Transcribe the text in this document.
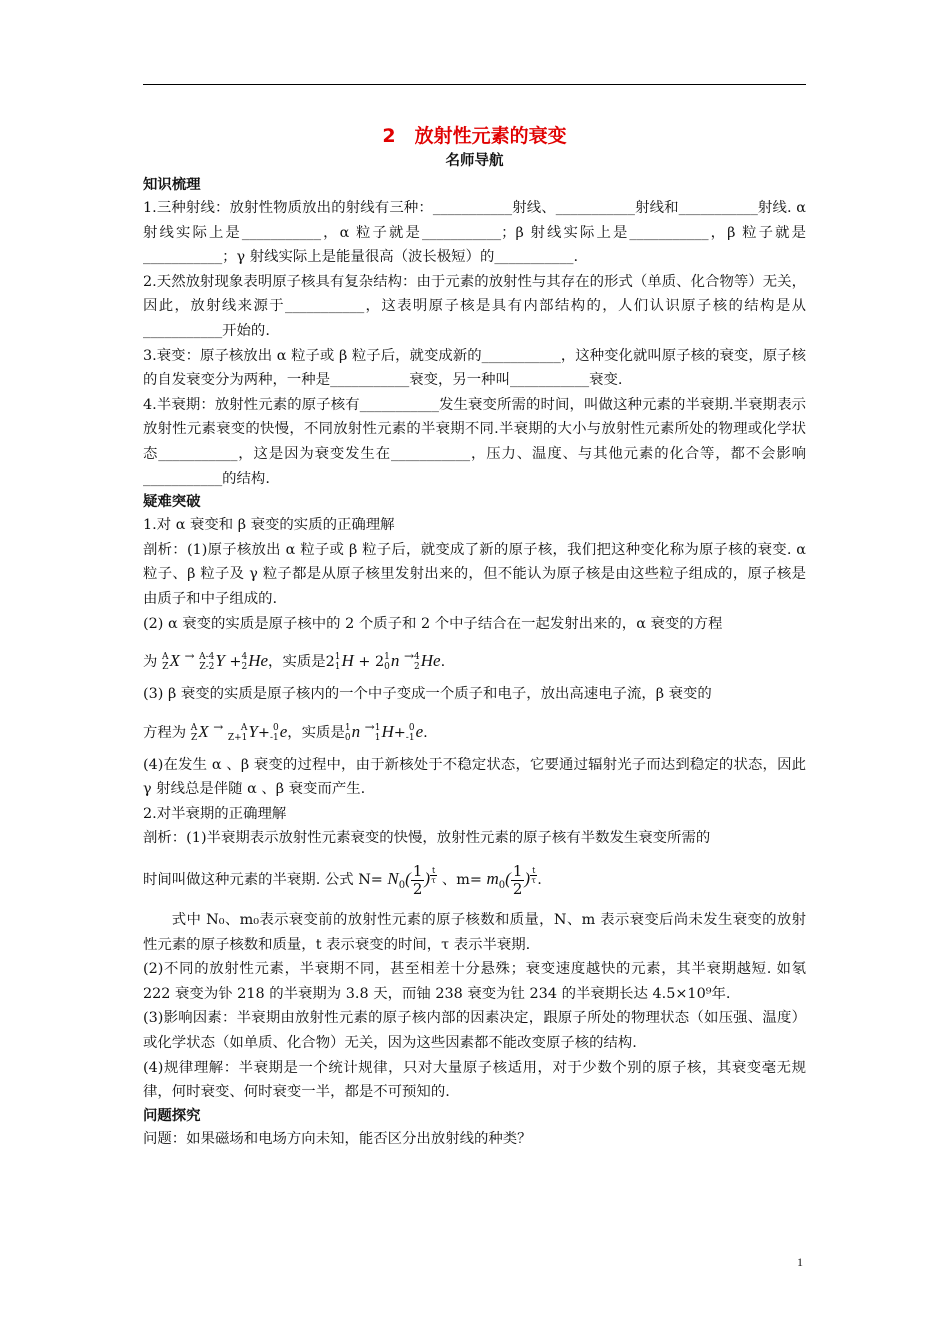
2　放射性元素的衰变

名师导航

知识梳理

1.三种射线：放射性物质放出的射线有三种：___________射线、___________射线和___________射线. α 射线实际上是___________，α 粒子就是___________；β 射线实际上是___________，β 粒子就是___________；γ 射线实际上是能量很高（波长极短）的___________.

2.天然放射现象表明原子核具有复杂结构：由于元素的放射性与其存在的形式（单质、化合物等）无关，因此，放射线来源于___________，这表明原子核是具有内部结构的，人们认识原子核的结构是从___________开始的.

3.衰变：原子核放出 α 粒子或 β 粒子后，就变成新的___________，这种变化就叫原子核的衰变，原子核的自发衰变分为两种，一种是___________衰变，另一种叫___________衰变.

4.半衰期：放射性元素的原子核有___________发生衰变所需的时间，叫做这种元素的半衰期.半衰期表示放射性元素衰变的快慢，不同放射性元素的半衰期不同.半衰期的大小与放射性元素所处的物理或化学状态___________，这是因为衰变发生在___________，压力、温度、与其他元素的化合等，都不会影响___________的结构.

疑难突破

1.对 α 衰变和 β 衰变的实质的正确理解

剖析：(1)原子核放出 α 粒子或 β 粒子后，就变成了新的原子核，我们把这种变化称为原子核的衰变. α 粒子、β 粒子及 γ 粒子都是从原子核里发射出来的，但不能认为原子核是由这些粒子组成的，原子核是由质子和中子组成的.

(2) α 衰变的实质是原子核中的 2 个质子和 2 个中子结合在一起发射出来的，α 衰变的方程

为 A
Z X → A-4
Z-2 Y + 4
2 He，实质是2 1
1 H + 2 1
0 n → 4
2 He.

(3) β 衰变的实质是原子核内的一个中子变成一个质子和电子，放出高速电子流，β 衰变的

方程为 A
Z X →	A
Z+1 Y+ 0
-1 e，实质是 1
0 n → 1
1 H+ 0
-1 e.

(4)在发生 α 、β 衰变的过程中，由于新核处于不稳定状态，它要通过辐射光子而达到稳定的状态，因此 γ 射线总是伴随 α 、β 衰变而产生.

2.对半衰期的正确理解

剖析：(1)半衰期表示放射性元素衰变的快慢，放射性元素的原子核有半数发生衰变所需的

时间叫做这种元素的半衰期. 公式 $N= N_0( \frac{1}{2}$ ) $^{\frac{t}{\tau}}$ 、$m= m_0( \frac{1}{2}$ ) $^{\frac{t}{\tau}}$ .

式中 N₀、m₀表示衰变前的放射性元素的原子核数和质量，N、m 表示衰变后尚未发生衰变的放射性元素的原子核数和质量，t 表示衰变的时间，τ 表示半衰期.

(2)不同的放射性元素，半衰期不同，甚至相差十分悬殊；衰变速度越快的元素，其半衰期越短. 如氡 222 衰变为钋 218 的半衰期为 3.8 天，而铀 238 衰变为钍 234 的半衰期长达 4.5×10⁹年.

(3)影响因素：半衰期由放射性元素的原子核内部的因素决定，跟原子所处的物理状态（如压强、温度）或化学状态（如单质、化合物）无关，因为这些因素都不能改变原子核的结构.

(4)规律理解：半衰期是一个统计规律，只对大量原子核适用，对于少数个别的原子核，其衰变毫无规律，何时衰变、何时衰变一半，都是不可预知的.

问题探究

问题：如果磁场和电场方向未知，能否区分出放射线的种类？

1
